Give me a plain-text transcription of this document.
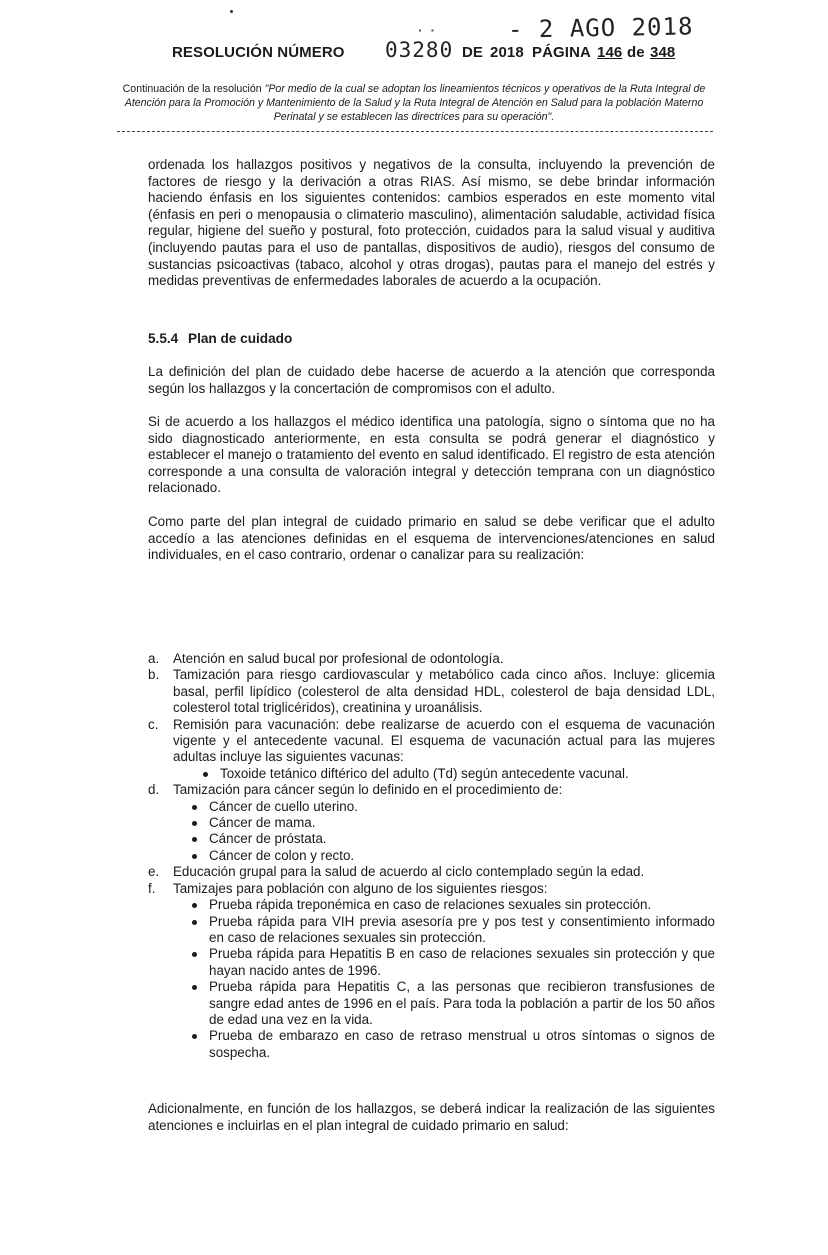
· ·	- 2 AGO 2018
RESOLUCIÓN NÚMERO 03280 DE 2018 PÁGINA 146 de 348
Continuación de la resolución "Por medio de la cual se adoptan los lineamientos técnicos y operativos de la Ruta Integral de Atención para la Promoción y Mantenimiento de la Salud y la Ruta Integral de Atención en Salud para la población Materno Perinatal y se establecen las directrices para su operación".

ordenada los hallazgos positivos y negativos de la consulta, incluyendo la prevención de factores de riesgo y la derivación a otras RIAS. Así mismo, se debe brindar información haciendo énfasis en los siguientes contenidos: cambios esperados en este momento vital (énfasis en peri o menopausia o climaterio masculino), alimentación saludable, actividad física regular, higiene del sueño y postural, foto protección, cuidados para la salud visual y auditiva (incluyendo pautas para el uso de pantallas, dispositivos de audio), riesgos del consumo de sustancias psicoactivas (tabaco, alcohol y otras drogas), pautas para el manejo del estrés y medidas preventivas de enfermedades laborales de acuerdo a la ocupación.

5.5.4 Plan de cuidado

La definición del plan de cuidado debe hacerse de acuerdo a la atención que corresponda según los hallazgos y la concertación de compromisos con el adulto.

Si de acuerdo a los hallazgos el médico identifica una patología, signo o síntoma que no ha sido diagnosticado anteriormente, en esta consulta se podrá generar el diagnóstico y establecer el manejo o tratamiento del evento en salud identificado. El registro de esta atención corresponde a una consulta de valoración integral y detección temprana con un diagnóstico relacionado.

Como parte del plan integral de cuidado primario en salud se debe verificar que el adulto accedío a las atenciones definidas en el esquema de intervenciones/atenciones en salud individuales, en el caso contrario, ordenar o canalizar para su realización:

a. Atención en salud bucal por profesional de odontología.
b. Tamización para riesgo cardiovascular y metabólico cada cinco años. Incluye: glicemia basal, perfil lipídico (colesterol de alta densidad HDL, colesterol de baja densidad LDL, colesterol total triglicéridos), creatinina y uroanálisis.
c. Remisión para vacunación: debe realizarse de acuerdo con el esquema de vacunación vigente y el antecedente vacunal. El esquema de vacunación actual para las mujeres adultas incluye las siguientes vacunas:
Toxoide tetánico diftérico del adulto (Td) según antecedente vacunal.
d. Tamización para cáncer según lo definido en el procedimiento de:
Cáncer de cuello uterino.
Cáncer de mama.
Cáncer de próstata.
Cáncer de colon y recto.
e. Educación grupal para la salud de acuerdo al ciclo contemplado según la edad.
f. Tamizajes para población con alguno de los siguientes riesgos:
Prueba rápida treponémica en caso de relaciones sexuales sin protección.
Prueba rápida para VIH previa asesoría pre y pos test y consentimiento informado en caso de relaciones sexuales sin protección.
Prueba rápida para Hepatitis B en caso de relaciones sexuales sin protección y que hayan nacido antes de 1996.
Prueba rápida para Hepatitis C, a las personas que recibieron transfusiones de sangre edad antes de 1996 en el país. Para toda la población a partir de los 50 años de edad una vez en la vida.
Prueba de embarazo en caso de retraso menstrual u otros síntomas o signos de sospecha.

Adicionalmente, en función de los hallazgos, se deberá indicar la realización de las siguientes atenciones e incluirlas en el plan integral de cuidado primario en salud:
